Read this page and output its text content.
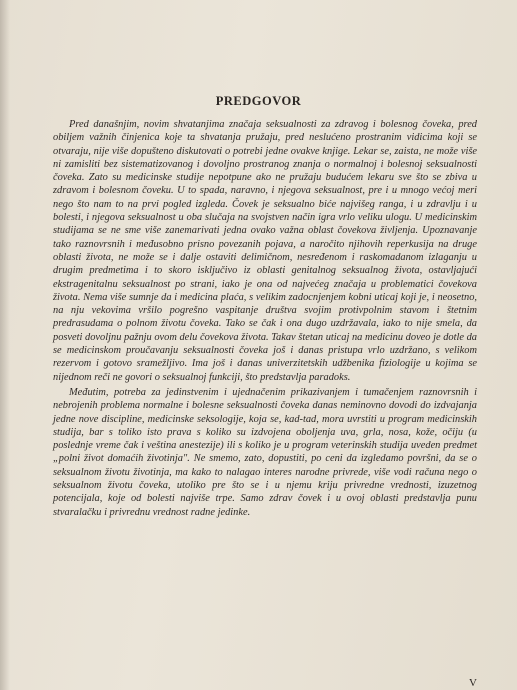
PREDGOVOR

Pred današnjim, novim shvatanjima značaja seksualnosti za zdravog i bolesnog čoveka, pred obiljem važnih činjenica koje ta shvatanja pružaju, pred neslućeno prostranim vidicima koji se otvaraju, nije više dopušteno diskutovati o potrebi jedne ovakve knjige. Lekar se, zaista, ne može više ni zamisliti bez sistematizovanog i dovoljno prostranog znanja o normalnoj i bolesnoj seksualnosti čoveka. Zato su medicinske studije nepotpune ako ne pružaju budućem lekaru sve što se zbiva u zdravom i bolesnom čoveku. U to spada, naravno, i njegova seksualnost, pre i u mnogo većoj meri nego što nam to na prvi pogled izgleda. Čovek je seksualno biće najvišeg ranga, i u zdravlju i u bolesti, i njegova seksualnost u oba slučaja na svojstven način igra vrlo veliku ulogu. U medicinskim studijama se ne sme više zanemarivati jedna ovako važna oblast čovekova življenja. Upoznavanje tako raznovrsnih i međusobno prisno povezanih pojava, a naročito njihovih reperkusija na druge oblasti života, ne može se i dalje ostaviti delimičnom, nesređenom i raskomadanom izlaganju u drugim predmetima i to skoro isključivo iz oblasti genitalnog seksualnog života, ostavljajući ekstragenitalnu seksualnost po strani, iako je ona od najvećeg značaja u problematici čovekova života. Nema više sumnje da i medicina plaća, s velikim zadocnjenjem kobni uticaj koji je, i neosetno, na nju vekovima vršilo pogrešno vaspitanje društva svojim protivpolnim stavom i štetnim predrasudama o polnom životu čoveka. Tako se čak i ona dugo uzdržavala, iako to nije smela, da posveti dovoljnu pažnju ovom delu čovekova života. Takav štetan uticaj na medicinu doveo je dotle da se medicinskom proučavanju seksualnosti čoveka još i danas pristupa vrlo uzdržano, s velikom rezervom i gotovo sramežljivo. Ima još i danas univerzitetskih udžbenika fiziologije u kojima se nijednom reči ne govori o seksualnoj funkciji, što predstavlja paradoks.

Međutim, potreba za jedinstvenim i ujednačenim prikazivanjem i tumačenjem raznovrsnih i nebrojenih problema normalne i bolesne seksualnosti čoveka danas neminovno dovodi do izdvajanja jedne nove discipline, medicinske seksologije, koja se, kad-tad, mora uvrstiti u program medicinskih studija, bar s toliko isto prava s koliko su izdvojena oboljenja uva, grla, nosa, kože, očiju (u poslednje vreme čak i veština anestezije) ili s koliko je u program veterinskih studija uveden predmet „polni život domaćih životinja". Ne smemo, zato, dopustiti, po ceni da izgledamo površni, da se o seksualnom životu životinja, ma kako to nalagao interes narodne privrede, više vodi računa nego o seksualnom životu čoveka, utoliko pre što se i u njemu kriju privredne vrednosti, izuzetnog potencijala, koje od bolesti najviše trpe. Samo zdrav čovek i u ovoj oblasti predstavlja punu stvaralačku i privrednu vrednost radne jedinke.

V
